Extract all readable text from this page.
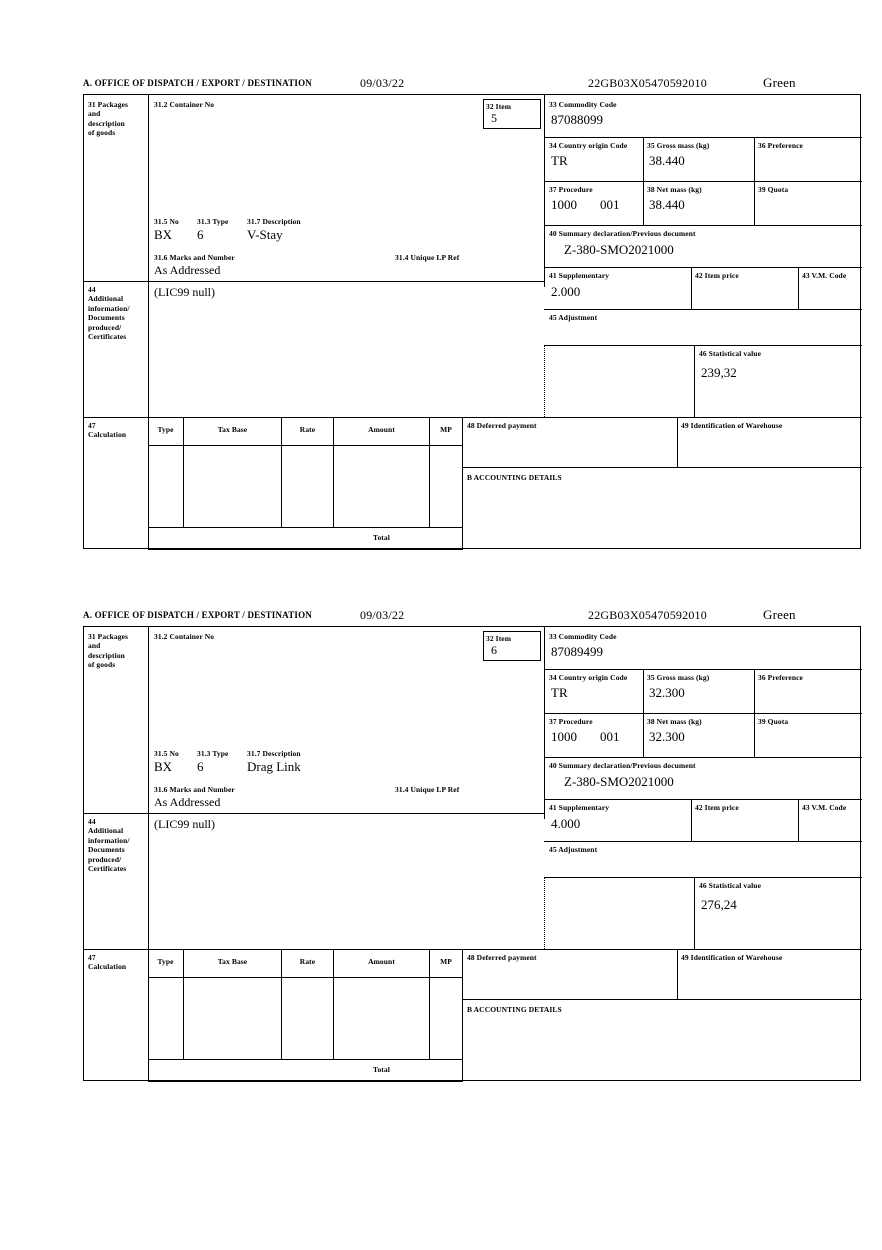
A. OFFICE OF DISPATCH / EXPORT / DESTINATION	09/03/22	22GB03X05470592010	Green
31 Packages
and
description
of goods
31.2 Container No	32 Item
5
31.5 No 31.3 Type 31.7 Description
BX 6	V-Stay
31.6 Marks and Number	31.4 Unique LP Ref
As Addressed
44
Additional
information/
Documents
produced/
Certificates
(LIC99 null)
33 Commodity Code
87088099
34 Country origin Code
TR
35 Gross mass (kg)
38.440
36 Preference
37 Procedure
1000 001
38 Net mass (kg)
38.440
39 Quota
40 Summary declaration/Previous document
Z-380-SMO2021000
41 Supplementary
2.000
42 Item price	43 V.M. Code
45 Adjustment
46 Statistical value
239,32
47
Calculation
Type	Tax Base	Rate	Amount	MP
Total
48 Deferred payment	49 Identification of Warehouse
B ACCOUNTING DETAILS
A. OFFICE OF DISPATCH / EXPORT / DESTINATION	09/03/22	22GB03X05470592010	Green
31 Packages
and
description
of goods
31.2 Container No	32 Item
6
31.5 No 31.3 Type 31.7 Description
BX 6	Drag Link
31.6 Marks and Number	31.4 Unique LP Ref
As Addressed
44
Additional
information/
Documents
produced/
Certificates
(LIC99 null)
33 Commodity Code
87089499
34 Country origin Code
TR
35 Gross mass (kg)
32.300
36 Preference
37 Procedure
1000 001
38 Net mass (kg)
32.300
39 Quota
40 Summary declaration/Previous document
Z-380-SMO2021000
41 Supplementary
4.000
42 Item price	43 V.M. Code
45 Adjustment
46 Statistical value
276,24
47
Calculation
Type	Tax Base	Rate	Amount	MP
Total
48 Deferred payment	49 Identification of Warehouse
B ACCOUNTING DETAILS
